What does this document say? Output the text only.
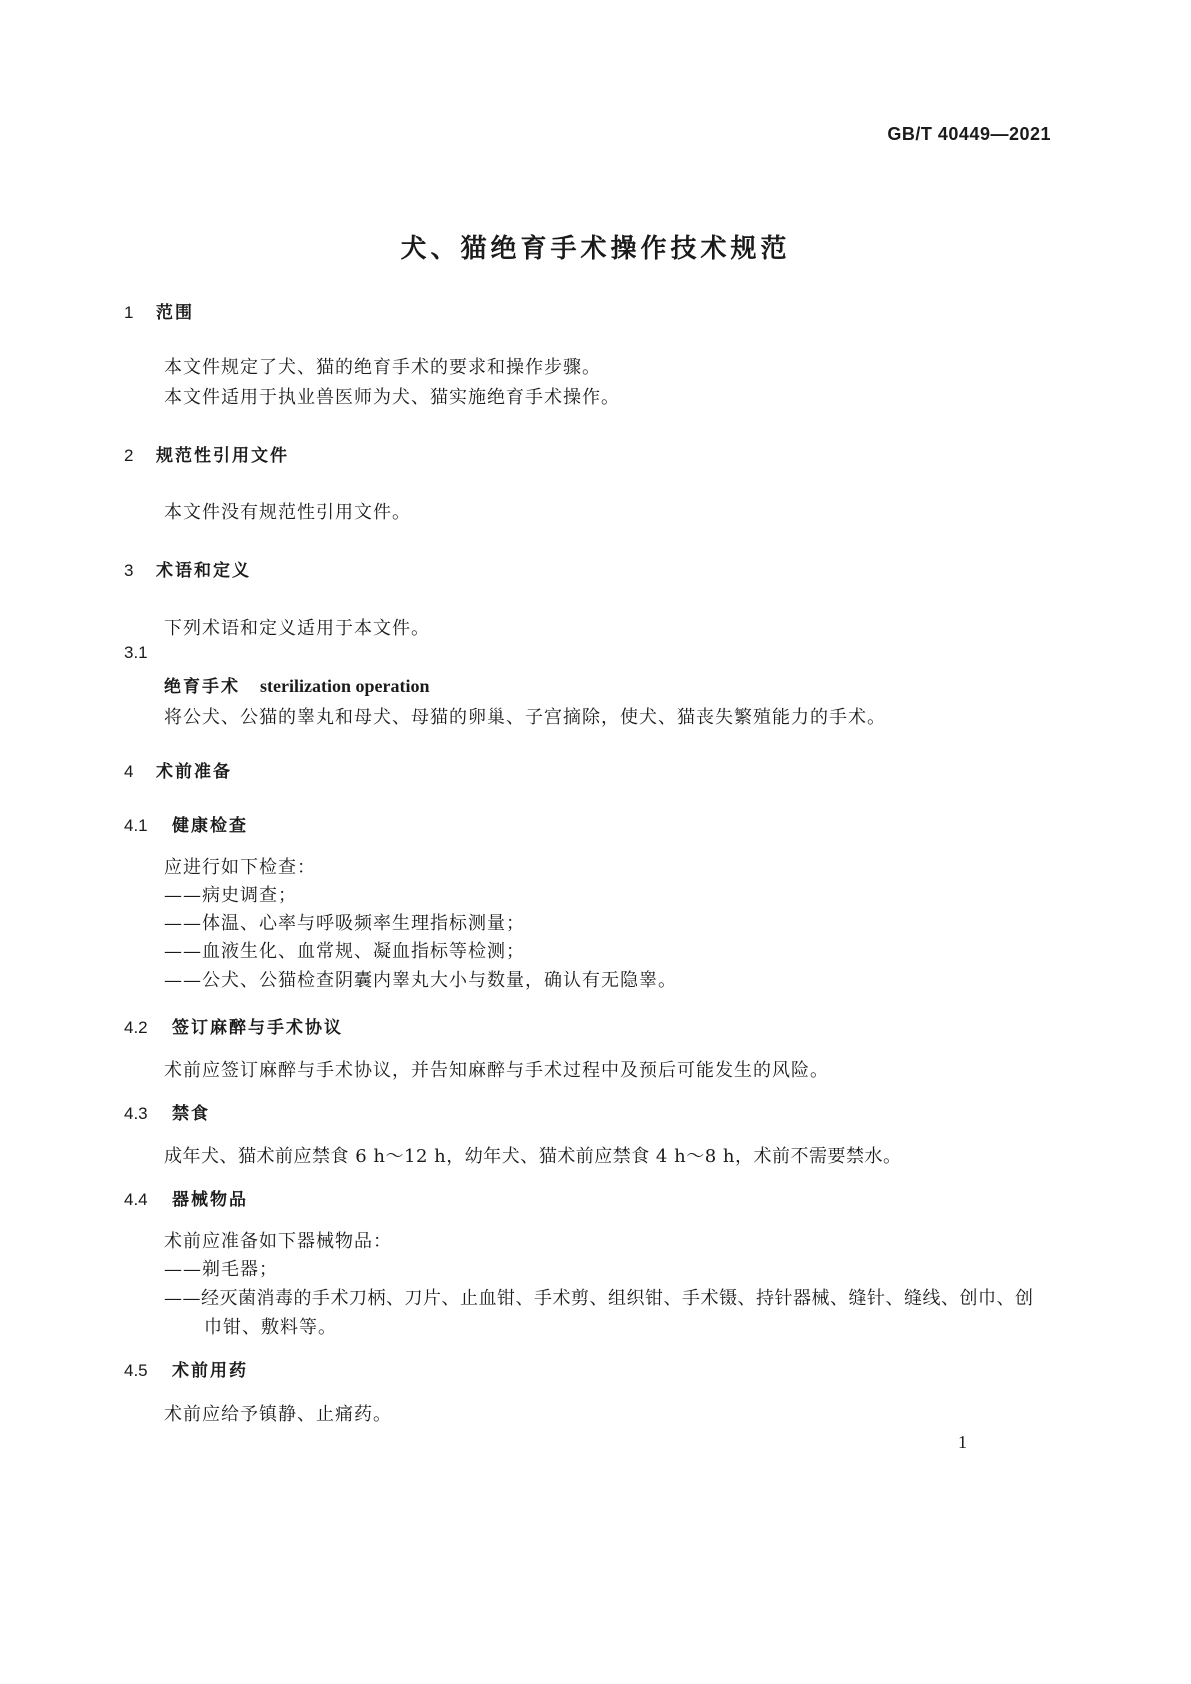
GB/T 40449—2021
犬、猫绝育手术操作技术规范
1 范围
本文件规定了犬、猫的绝育手术的要求和操作步骤。
本文件适用于执业兽医师为犬、猫实施绝育手术操作。
2 规范性引用文件
本文件没有规范性引用文件。
3 术语和定义
下列术语和定义适用于本文件。
3.1
绝育手术 sterilization operation
将公犬、公猫的睾丸和母犬、母猫的卵巢、子宫摘除，使犬、猫丧失繁殖能力的手术。
4 术前准备
4.1 健康检查
应进行如下检查：
——病史调查；
——体温、心率与呼吸频率生理指标测量；
——血液生化、血常规、凝血指标等检测；
——公犬、公猫检查阴囊内睾丸大小与数量，确认有无隐睾。
4.2 签订麻醉与手术协议
术前应签订麻醉与手术协议，并告知麻醉与手术过程中及预后可能发生的风险。
4.3 禁食
成年犬、猫术前应禁食 6 h～12 h，幼年犬、猫术前应禁食 4 h～8 h，术前不需要禁水。
4.4 器械物品
术前应准备如下器械物品：
——剃毛器；
——经灭菌消毒的手术刀柄、刀片、止血钳、手术剪、组织钳、手术镊、持针器械、缝针、缝线、创巾、创
巾钳、敷料等。
4.5 术前用药
术前应给予镇静、止痛药。
1
